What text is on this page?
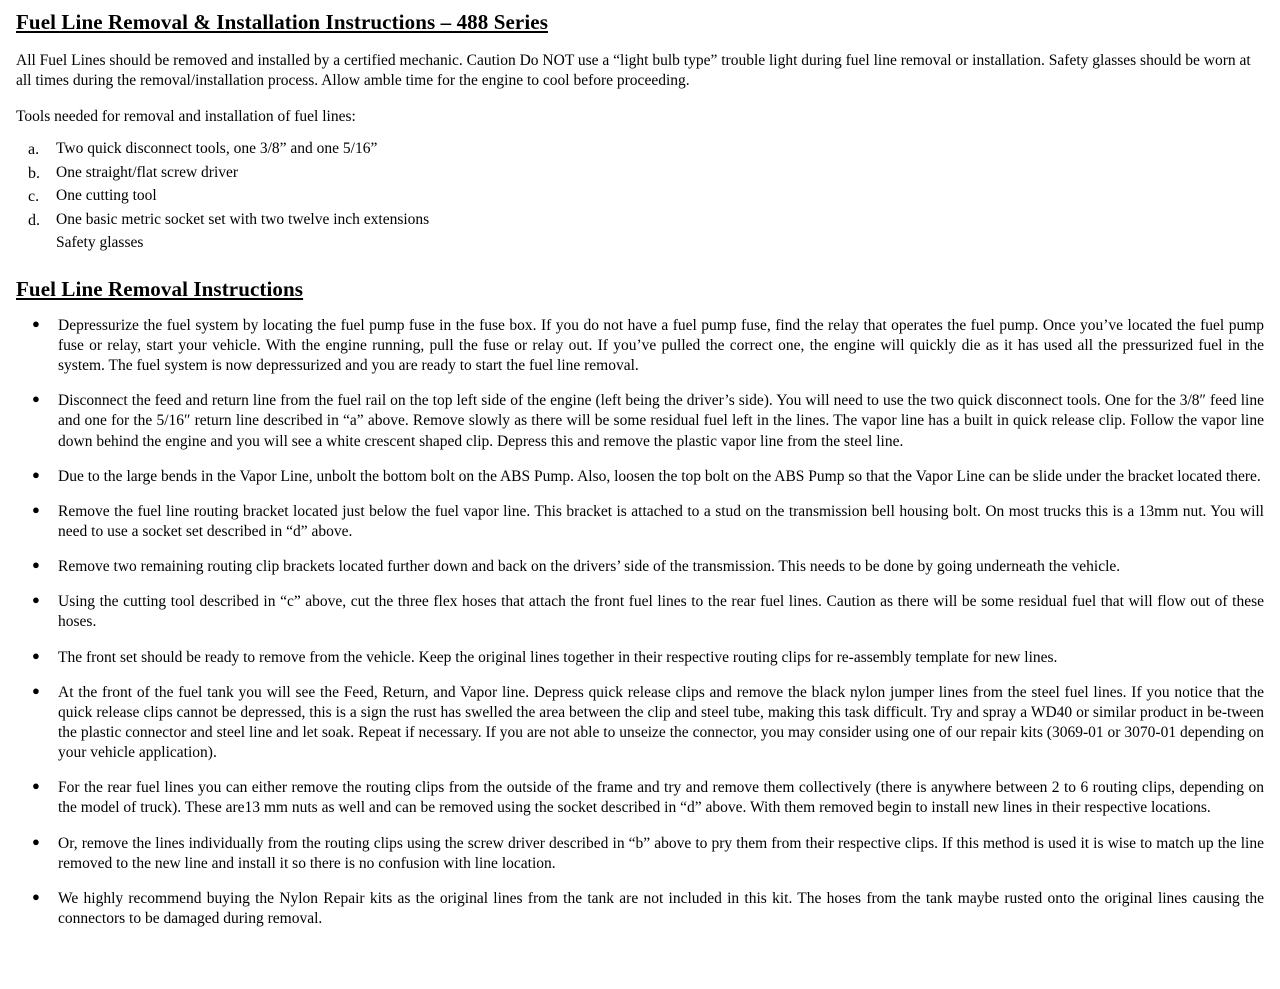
Fuel Line Removal & Installation Instructions – 488 Series

All Fuel Lines should be removed and installed by a certified mechanic. Caution Do NOT use a “light bulb type” trouble light during fuel line removal or installation. Safety glasses should be worn at all times during the removal/installation process. Allow amble time for the engine to cool before proceeding.

Tools needed for removal and installation of fuel lines:

a.	Two quick disconnect tools, one 3/8” and one 5/16”
b.	One straight/flat screw driver
c.	One cutting tool
d.	One basic metric socket set with two twelve inch extensions
Safety glasses
Fuel Line Removal Instructions
● Depressurize the fuel system by locating the fuel pump fuse in the fuse box. If you do not have a fuel pump fuse, find the relay that operates the fuel pump. Once you’ve located the fuel pump fuse or relay, start your vehicle. With the engine running, pull the fuse or relay out. If you’ve pulled the correct one, the engine will quickly die as it has used all the pressurized fuel in the system. The fuel system is now depressurized and you are ready to start the fuel line removal.
● Disconnect the feed and return line from the fuel rail on the top left side of the engine (left being the driver’s side). You will need to use the two quick disconnect tools. One for the 3/8″ feed line and one for the 5/16″ return line described in “a” above. Remove slowly as there will be some residual fuel left in the lines. The vapor line has a built in quick release clip. Follow the vapor line down behind the engine and you will see a white crescent shaped clip. Depress this and remove the plastic vapor line from the steel line.
● Due to the large bends in the Vapor Line, unbolt the bottom bolt on the ABS Pump. Also, loosen the top bolt on the ABS Pump so that the Vapor Line can be slide under the bracket located there.
● Remove the fuel line routing bracket located just below the fuel vapor line. This bracket is attached to a stud on the transmission bell housing bolt. On most trucks this is a 13mm nut. You will need to use a socket set described in “d” above.
● Remove two remaining routing clip brackets located further down and back on the drivers’ side of the transmission. This needs to be done by going underneath the vehicle.
● Using the cutting tool described in “c” above, cut the three flex hoses that attach the front fuel lines to the rear fuel lines. Caution as there will be some residual fuel that will flow out of these hoses.
● The front set should be ready to remove from the vehicle. Keep the original lines together in their respective routing clips for re-assembly template for new lines.
● At the front of the fuel tank you will see the Feed, Return, and Vapor line. Depress quick release clips and remove the black nylon jumper lines from the steel fuel lines. If you notice that the quick release clips cannot be depressed, this is a sign the rust has swelled the area between the clip and steel tube, making this task difficult. Try and spray a WD40 or similar product in be-tween the plastic connector and steel line and let soak. Repeat if necessary. If you are not able to unseize the connector, you may consider using one of our repair kits (3069-01 or 3070-01 depending on your vehicle application).
● For the rear fuel lines you can either remove the routing clips from the outside of the frame and try and remove them collectively (there is anywhere between 2 to 6 routing clips, depending on the model of truck). These are13 mm nuts as well and can be removed using the socket described in “d” above. With them removed begin to install new lines in their respective locations.
● Or, remove the lines individually from the routing clips using the screw driver described in “b” above to pry them from their respective clips. If this method is used it is wise to match up the line removed to the new line and install it so there is no confusion with line location.
● We highly recommend buying the Nylon Repair kits as the original lines from the tank are not included in this kit. The hoses from the tank maybe rusted onto the original lines causing the connectors to be damaged during removal.
